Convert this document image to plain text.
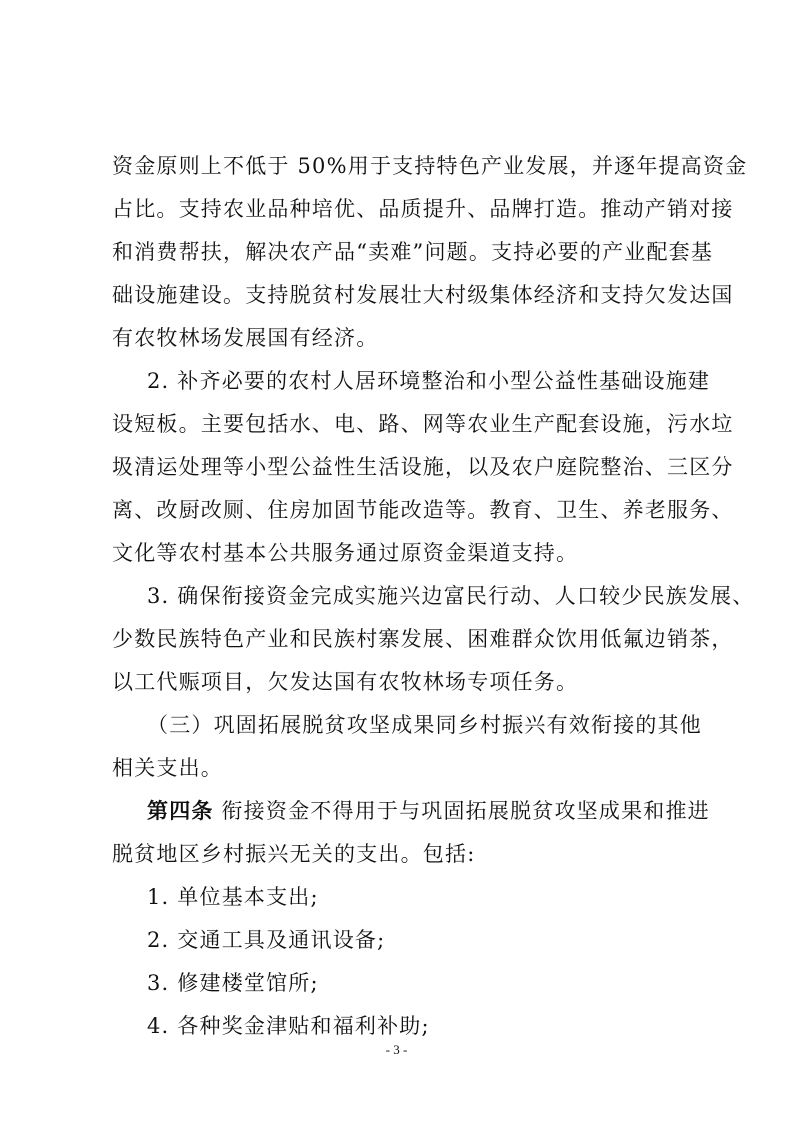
资金原则上不低于 50%用于支持特色产业发展，并逐年提高资金
占比。支持农业品种培优、品质提升、品牌打造。推动产销对接
和消费帮扶，解决农产品“卖难”问题。支持必要的产业配套基
础设施建设。支持脱贫村发展壮大村级集体经济和支持欠发达国
有农牧林场发展国有经济。
2. 补齐必要的农村人居环境整治和小型公益性基础设施建
设短板。主要包括水、电、路、网等农业生产配套设施，污水垃
圾清运处理等小型公益性生活设施，以及农户庭院整治、三区分
离、改厨改厕、住房加固节能改造等。教育、卫生、养老服务、
文化等农村基本公共服务通过原资金渠道支持。
3. 确保衔接资金完成实施兴边富民行动、人口较少民族发展、
少数民族特色产业和民族村寨发展、困难群众饮用低氟边销茶，
以工代赈项目，欠发达国有农牧林场专项任务。
（三）巩固拓展脱贫攻坚成果同乡村振兴有效衔接的其他
相关支出。
第四条 衔接资金不得用于与巩固拓展脱贫攻坚成果和推进
脱贫地区乡村振兴无关的支出。包括:
1. 单位基本支出;
2. 交通工具及通讯设备;
3. 修建楼堂馆所;
4. 各种奖金津贴和福利补助;
- 3 -
